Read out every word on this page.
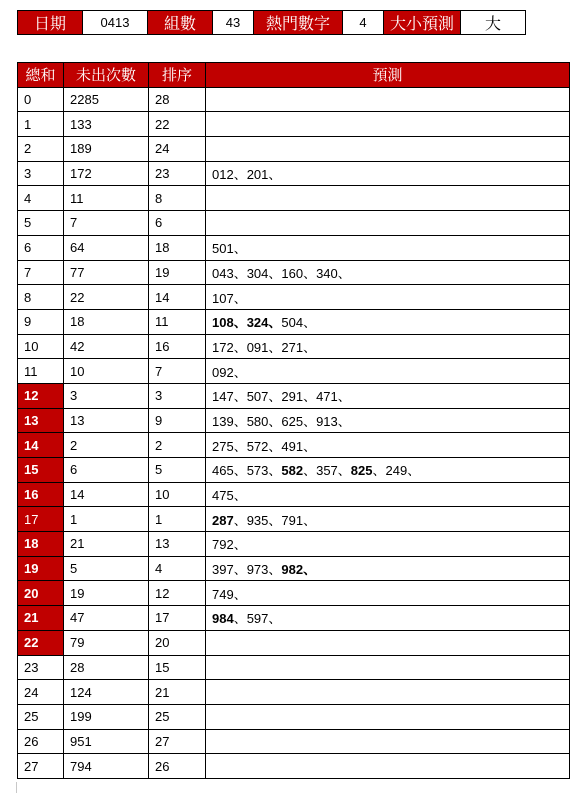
日期	0413	組數	43	熱門數字	4	大小預測	大
總和	未出次數	排序	預測
0	2285	28	
1	133	22	
2	189	24	
3	172	23	012、201、
4	11	8	
5	7	6	
6	64	18	501、
7	77	19	043、304、160、340、
8	22	14	107、
9	18	11	108、324、504、
10	42	16	172、091、271、
11	10	7	092、
12	3	3	147、507、291、471、
13	13	9	139、580、625、913、
14	2	2	275、572、491、
15	6	5	465、573、582、357、825、249、
16	14	10	475、
17	1	1	287、935、791、
18	21	13	792、
19	5	4	397、973、982、
20	19	12	749、
21	47	17	984、597、
22	79	20	
23	28	15	
24	124	21	
25	199	25	
26	951	27	
27	794	26	
